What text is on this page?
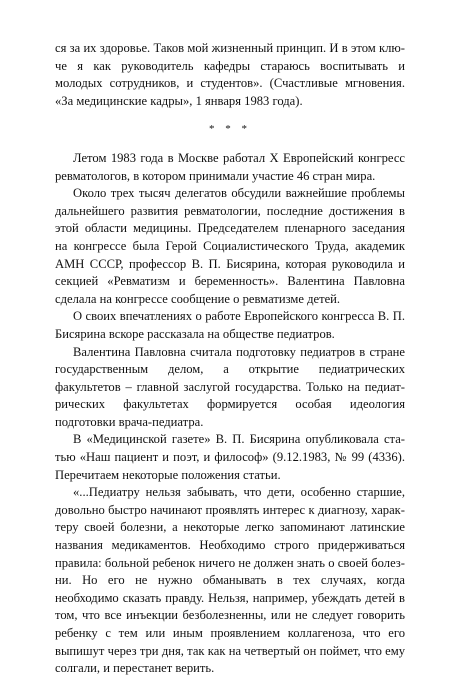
ся за их здоровье. Таков мой жизненный принцип. И в этом ключе я как руководитель кафедры стараюсь воспитывать и молодых сотрудников, и студентов». (Счастливые мгновения. «За медицинские кадры», 1 января 1983 года).

* * *

Летом 1983 года в Москве работал X Европейский конгресс ревматологов, в котором принимали участие 46 стран мира.

Около трех тысяч делегатов обсудили важнейшие проблемы дальнейшего развития ревматологии, последние достижения в этой области медицины. Председателем пленарного заседания на конгрессе была Герой Социалистического Труда, академик АМН СССР, профессор В. П. Бисярина, которая руководила и секцией «Ревматизм и беременность». Валентина Павловна сделала на конгрессе сообщение о ревматизме детей.

О своих впечатлениях о работе Европейского конгресса В. П. Бисярина вскоре рассказала на обществе педиатров.

Валентина Павловна считала подготовку педиатров в стране государственным делом, а открытие педиатрических факультетов – главной заслугой государства. Только на педиатрических факультетах формируется особая идеология подготовки врача-педиатра.

В «Медицинской газете» В. П. Бисярина опубликовала статью «Наш пациент и поэт, и философ» (9.12.1983, № 99 (4336). Перечитаем некоторые положения статьи.

«...Педиатру нельзя забывать, что дети, особенно старшие, довольно быстро начинают проявлять интерес к диагнозу, характеру своей болезни, а некоторые легко запоминают латинские названия медикаментов. Необходимо строго придерживаться правила: больной ребенок ничего не должен знать о своей болезни. Но его не нужно обманывать в тех случаях, когда необходимо сказать правду. Нельзя, например, убеждать детей в том, что все инъекции безболезненны, или не следует говорить ребенку с тем или иным проявлением коллагеноза, что его выпишут через три дня, так как на четвертый он поймет, что ему солгали, и перестанет верить.
